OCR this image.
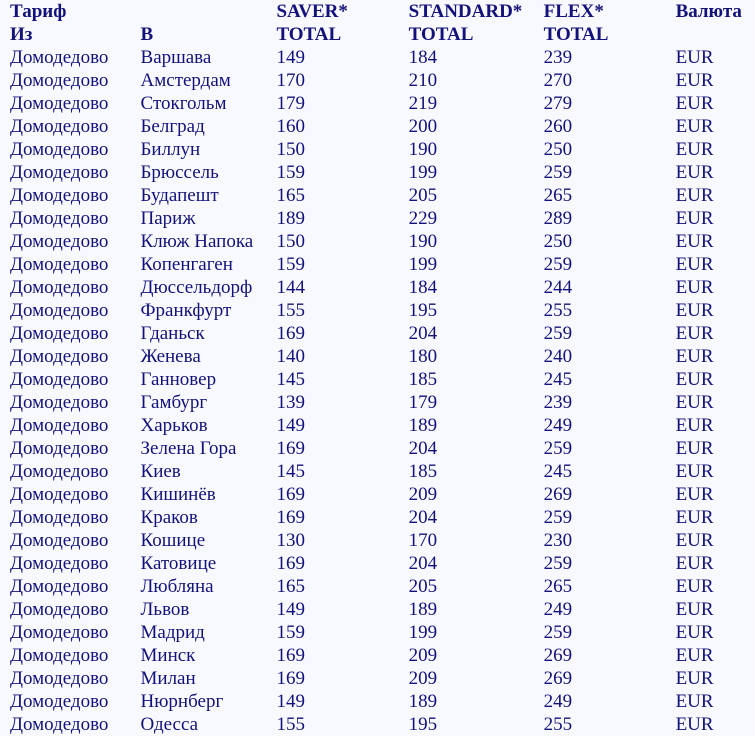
Тариф		SAVER*	STANDARD*	FLEX*	Валюта
Из	В	TOTAL	TOTAL	TOTAL	
Домодедово	Варшава	149	184	239	EUR
Домодедово	Амстердам	170	210	270	EUR
Домодедово	Стокгольм	179	219	279	EUR
Домодедово	Белград	160	200	260	EUR
Домодедово	Биллун	150	190	250	EUR
Домодедово	Брюссель	159	199	259	EUR
Домодедово	Будапешт	165	205	265	EUR
Домодедово	Париж	189	229	289	EUR
Домодедово	Клюж Напока	150	190	250	EUR
Домодедово	Копенгаген	159	199	259	EUR
Домодедово	Дюссельдорф	144	184	244	EUR
Домодедово	Франкфурт	155	195	255	EUR
Домодедово	Гданьск	169	204	259	EUR
Домодедово	Женева	140	180	240	EUR
Домодедово	Ганновер	145	185	245	EUR
Домодедово	Гамбург	139	179	239	EUR
Домодедово	Харьков	149	189	249	EUR
Домодедово	Зелена Гора	169	204	259	EUR
Домодедово	Киев	145	185	245	EUR
Домодедово	Кишинёв	169	209	269	EUR
Домодедово	Краков	169	204	259	EUR
Домодедово	Кошице	130	170	230	EUR
Домодедово	Катовице	169	204	259	EUR
Домодедово	Любляна	165	205	265	EUR
Домодедово	Львов	149	189	249	EUR
Домодедово	Мадрид	159	199	259	EUR
Домодедово	Минск	169	209	269	EUR
Домодедово	Милан	169	209	269	EUR
Домодедово	Нюрнберг	149	189	249	EUR
Домодедово	Одесса	155	195	255	EUR
